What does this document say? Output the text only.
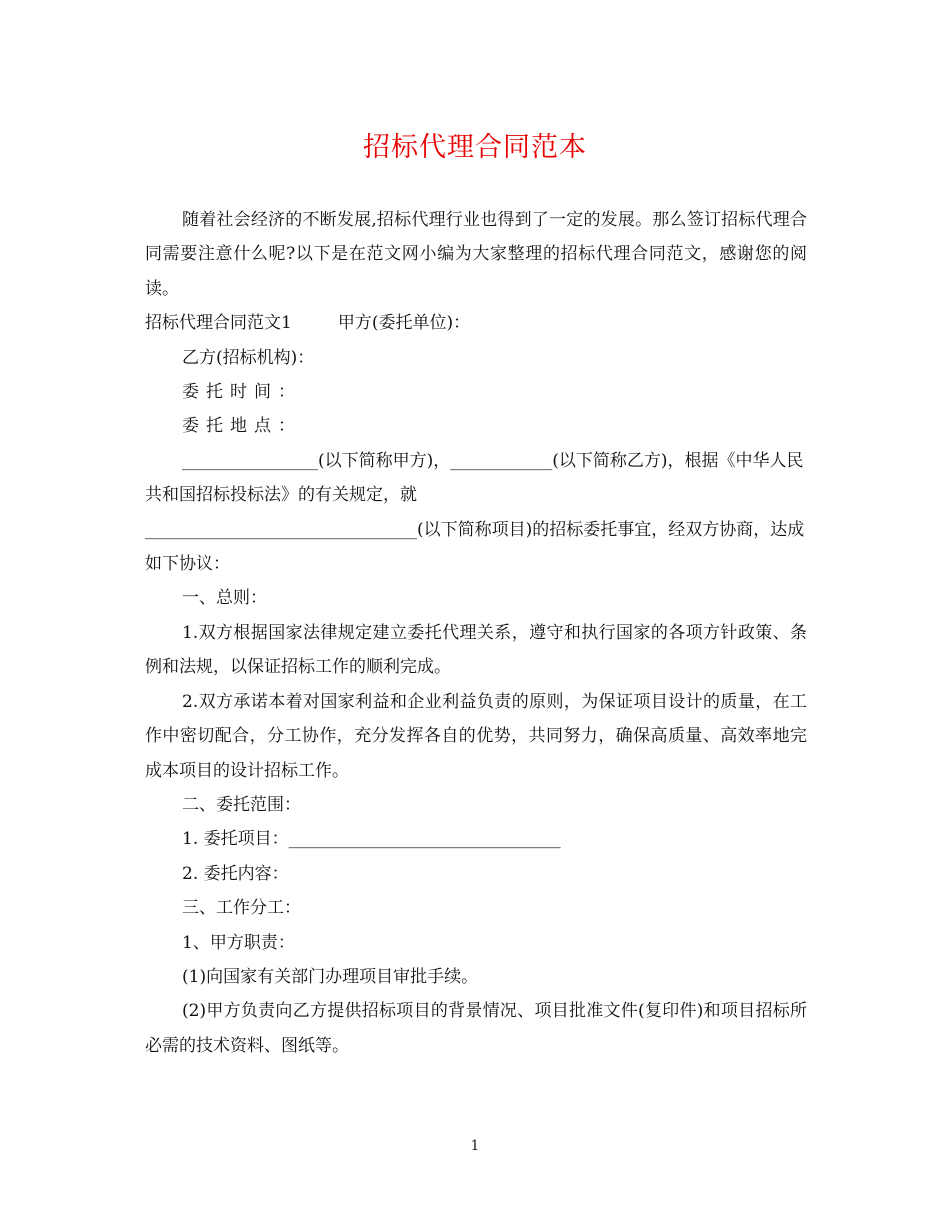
招标代理合同范本

随着社会经济的不断发展,招标代理行业也得到了一定的发展。那么签订招标代理合同需要注意什么呢?以下是在范文网小编为大家整理的招标代理合同范文，感谢您的阅读。

招标代理合同范文1	甲方(委托单位)：

乙方(招标机构)：

委托时间：

委托地点：

________________(以下简称甲方)，____________(以下简称乙方)，根据《中华人民共和国招标投标法》的有关规定，就

________________________________(以下简称项目)的招标委托事宜，经双方协商，达成如下协议：

一、总则：

1.双方根据国家法律规定建立委托代理关系，遵守和执行国家的各项方针政策、条例和法规，以保证招标工作的顺利完成。

2.双方承诺本着对国家利益和企业利益负责的原则，为保证项目设计的质量，在工作中密切配合，分工协作，充分发挥各自的优势，共同努力，确保高质量、高效率地完成本项目的设计招标工作。

二、委托范围：

1. 委托项目：________________________________

2. 委托内容：

三、工作分工：

1、甲方职责：

(1)向国家有关部门办理项目审批手续。

(2)甲方负责向乙方提供招标项目的背景情况、项目批准文件(复印件)和项目招标所必需的技术资料、图纸等。

1
